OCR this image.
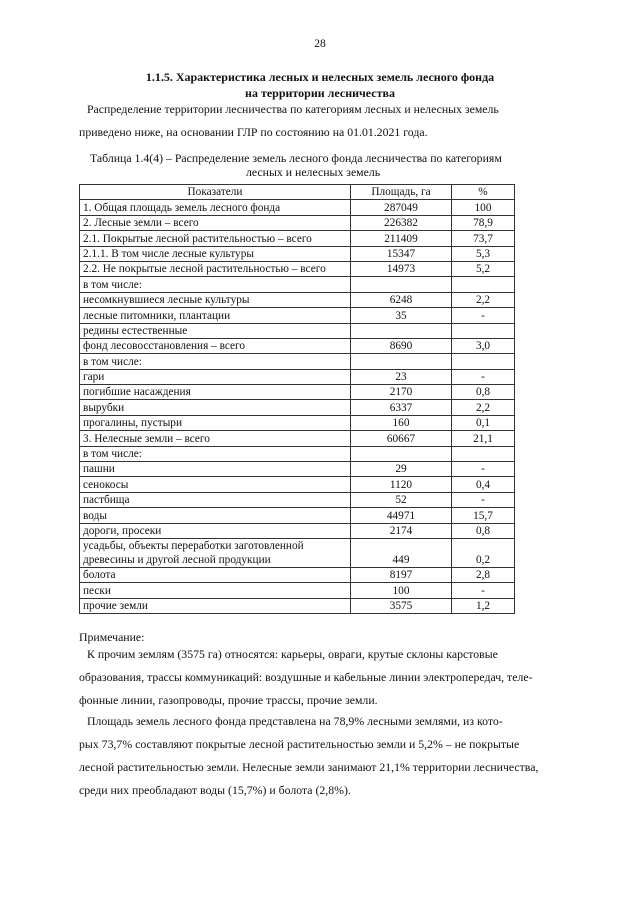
28
1.1.5. Характеристика лесных и нелесных земель лесного фонда
на территории лесничества
Распределение территории лесничества по категориям лесных и нелесных земель
приведено ниже, на основании ГЛР по состоянию на 01.01.2021 года.
Таблица 1.4(4) – Распределение земель лесного фонда лесничества по категориям
лесных и нелесных земель
Показатели	Площадь, га	%
1. Общая площадь земель лесного фонда	287049	100
2. Лесные земли – всего	226382	78,9
2.1. Покрытые лесной растительностью – всего	211409	73,7
2.1.1. В том числе лесные культуры	15347	5,3
2.2. Не покрытые лесной растительностью – всего	14973	5,2
в том числе:		
несомкнувшиеся лесные культуры	6248	2,2
лесные питомники, плантации	35	-
редины естественные		
фонд лесовосстановления – всего	8690	3,0
в том числе:		
гари	23	-
погибшие насаждения	2170	0,8
вырубки	6337	2,2
прогалины, пустыри	160	0,1
3. Нелесные земли – всего	60667	21,1
в том числе:		
пашни	29	-
сенокосы	1120	0,4
пастбища	52	-
воды	44971	15,7
дороги, просеки	2174	0,8
усадьбы, объекты переработки заготовленной древесины и другой лесной продукции	449	0,2
болота	8197	2,8
пески	100	-
прочие земли	3575	1,2
Примечание:
К прочим землям (3575 га) относятся: карьеры, овраги, крутые склоны карстовые
образования, трассы коммуникаций: воздушные и кабельные линии электропередач, теле-
фонные линии, газопроводы, прочие трассы, прочие земли.
Площадь земель лесного фонда представлена на 78,9% лесными землями, из кото-
рых 73,7% составляют покрытые лесной растительностью земли и 5,2% – не покрытые
лесной растительностью земли. Нелесные земли занимают 21,1% территории лесничества,
среди них преобладают воды (15,7%) и болота (2,8%).
